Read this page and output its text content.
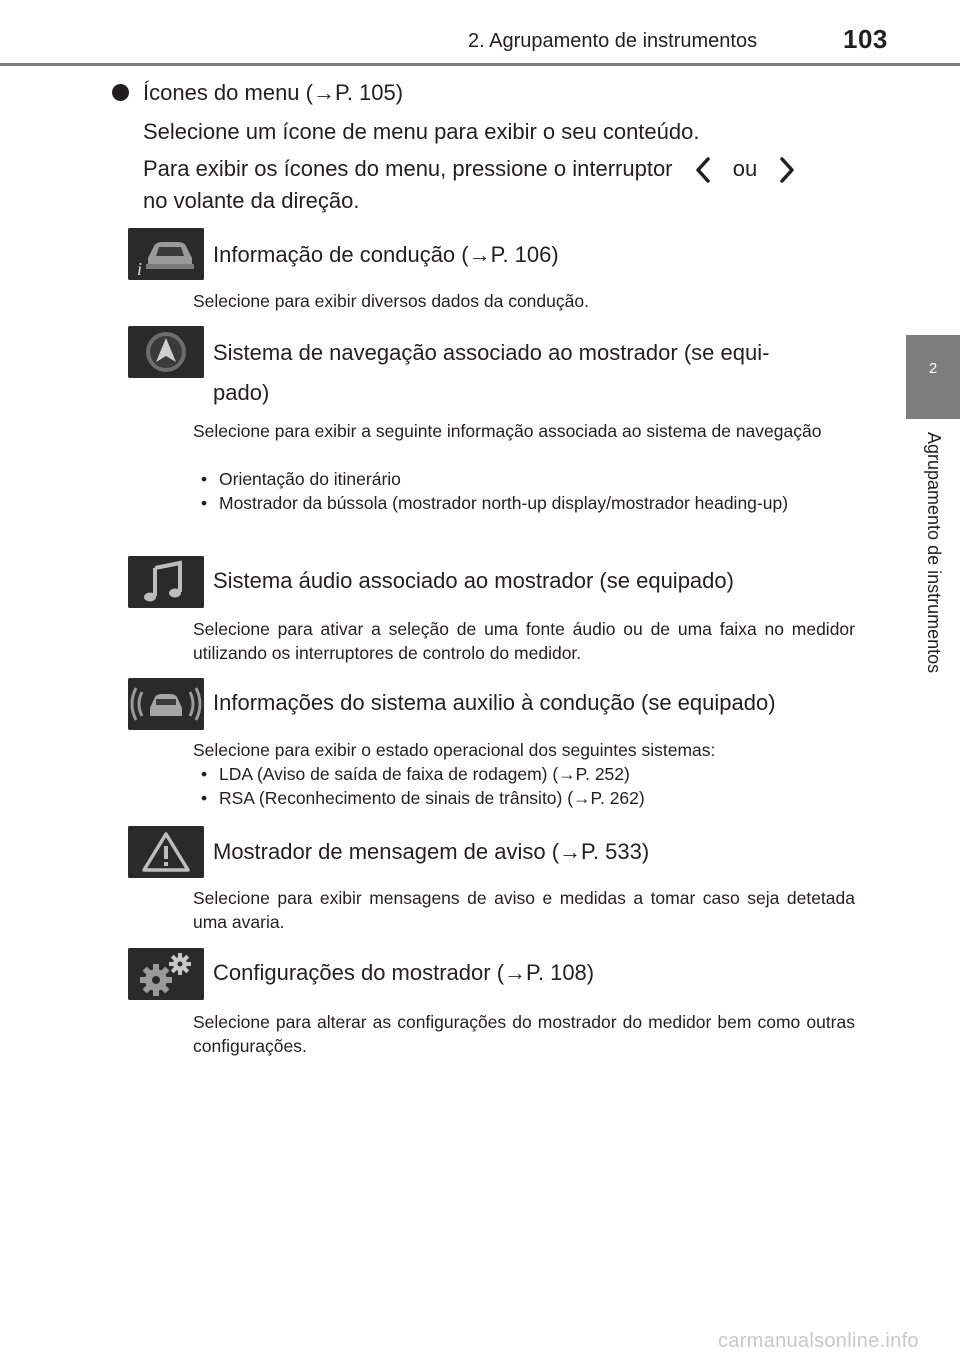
2. Agrupamento de instrumentos	103
2
Agrupamento de instrumentos
Ícones do menu (→P. 105)
Selecione um ícone de menu para exibir o seu conteúdo.
Para exibir os ícones do menu, pressione o interruptor	ou
no volante da direção.
i
Informação de condução (→P. 106)
Selecione para exibir diversos dados da condução.
Sistema de navegação associado ao mostrador (se equi-
pado)
Selecione para exibir a seguinte informação associada ao sistema de navegação
• Orientação do itinerário
• Mostrador da bússola (mostrador north-up display/mostrador heading-up)
Sistema áudio associado ao mostrador (se equipado)
Selecione para ativar a seleção de uma fonte áudio ou de uma faixa no medidor utilizando os interruptores de controlo do medidor.
Informações do sistema auxilio à condução (se equipado)
Selecione para exibir o estado operacional dos seguintes sistemas:
• LDA (Aviso de saída de faixa de rodagem) (→P. 252)
• RSA (Reconhecimento de sinais de trânsito) (→P. 262)
Mostrador de mensagem de aviso (→P. 533)
Selecione para exibir mensagens de aviso e medidas a tomar caso seja detetada uma avaria.
Configurações do mostrador (→P. 108)
Selecione para alterar as configurações do mostrador do medidor bem como outras configurações.
carmanualsonline.info
